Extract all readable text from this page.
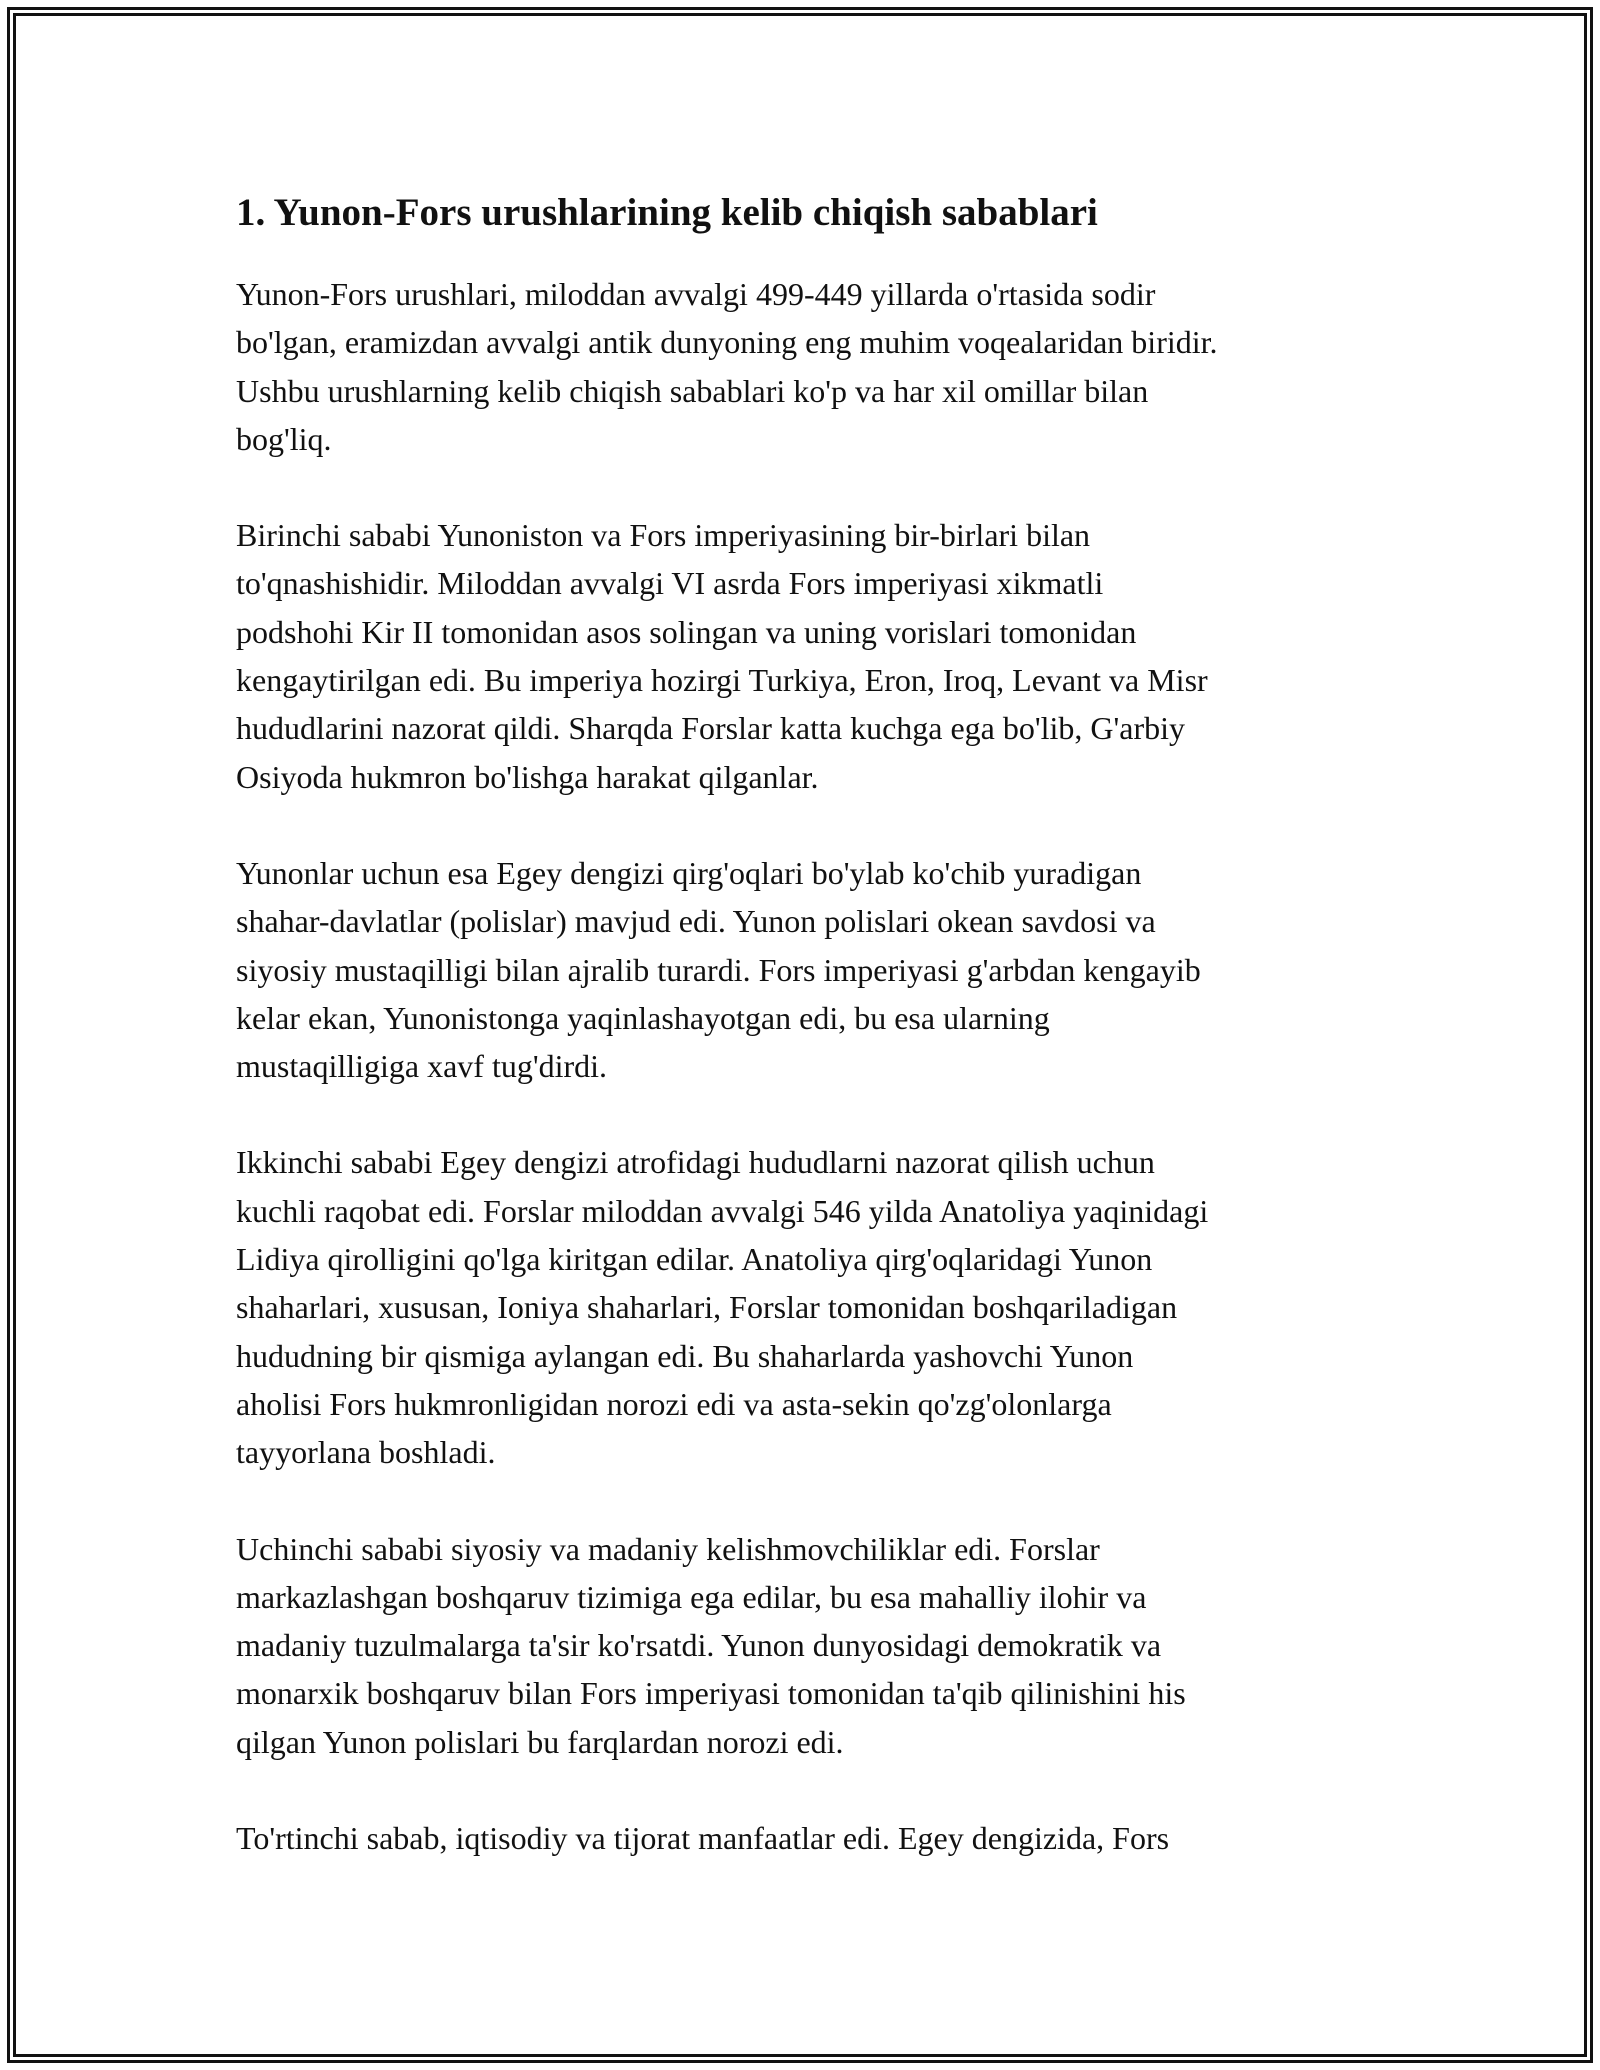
1. Yunon-Fors urushlarining kelib chiqish sabablari

Yunon-Fors urushlari, miloddan avvalgi 499-449 yillarda o'rtasida sodir
bo'lgan, eramizdan avvalgi antik dunyoning eng muhim voqealaridan biridir.
Ushbu urushlarning kelib chiqish sabablari ko'p va har xil omillar bilan
bog'liq.

Birinchi sababi Yunoniston va Fors imperiyasining bir-birlari bilan
to'qnashishidir. Miloddan avvalgi VI asrda Fors imperiyasi xikmatli
podshohi Kir II tomonidan asos solingan va uning vorislari tomonidan
kengaytirilgan edi. Bu imperiya hozirgi Turkiya, Eron, Iroq, Levant va Misr
hududlarini nazorat qildi. Sharqda Forslar katta kuchga ega bo'lib, G'arbiy
Osiyoda hukmron bo'lishga harakat qilganlar.

Yunonlar uchun esa Egey dengizi qirg'oqlari bo'ylab ko'chib yuradigan
shahar-davlatlar (polislar) mavjud edi. Yunon polislari okean savdosi va
siyosiy mustaqilligi bilan ajralib turardi. Fors imperiyasi g'arbdan kengayib
kelar ekan, Yunonistonga yaqinlashayotgan edi, bu esa ularning
mustaqilligiga xavf tug'dirdi.

Ikkinchi sababi Egey dengizi atrofidagi hududlarni nazorat qilish uchun
kuchli raqobat edi. Forslar miloddan avvalgi 546 yilda Anatoliya yaqinidagi
Lidiya qirolligini qo'lga kiritgan edilar. Anatoliya qirg'oqlaridagi Yunon
shaharlari, xususan, Ioniya shaharlari, Forslar tomonidan boshqariladigan
hududning bir qismiga aylangan edi. Bu shaharlarda yashovchi Yunon
aholisi Fors hukmronligidan norozi edi va asta-sekin qo'zg'olonlarga
tayyorlana boshladi.

Uchinchi sababi siyosiy va madaniy kelishmovchiliklar edi. Forslar
markazlashgan boshqaruv tizimiga ega edilar, bu esa mahalliy ilohir va
madaniy tuzulmalarga ta'sir ko'rsatdi. Yunon dunyosidagi demokratik va
monarxik boshqaruv bilan Fors imperiyasi tomonidan ta'qib qilinishini his
qilgan Yunon polislari bu farqlardan norozi edi.

To'rtinchi sabab, iqtisodiy va tijorat manfaatlar edi. Egey dengizida, Fors
